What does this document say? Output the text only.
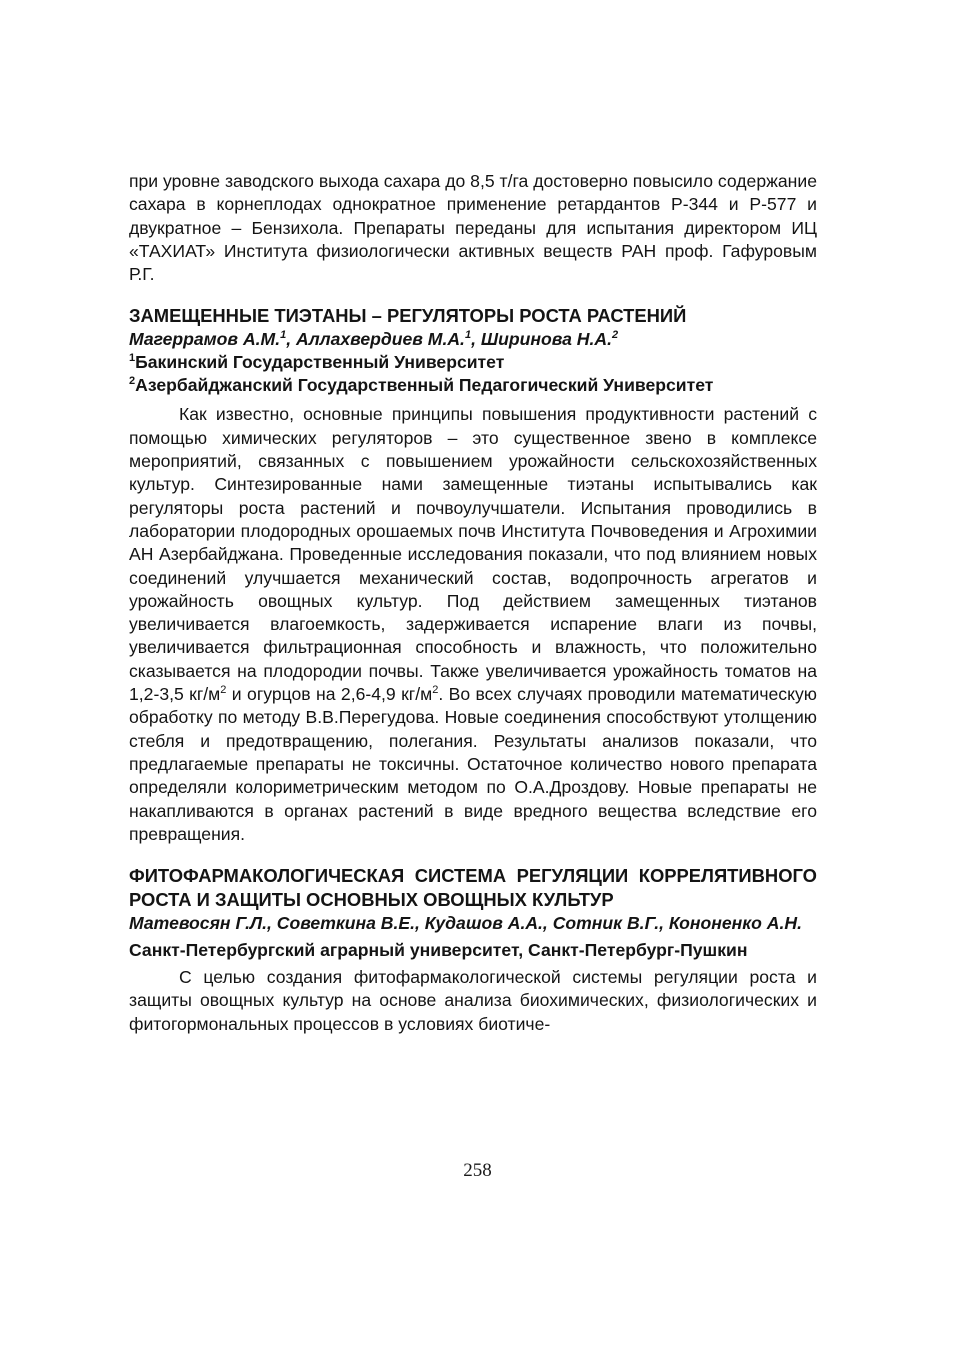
при уровне заводского выхода сахара до 8,5 т/га достоверно повысило содержание сахара в корнеплодах однократное применение ретардантов Р-344 и Р-577 и двукратное – Бензихола. Препараты переданы для испытания директором ИЦ «ТАХИАТ» Института физиологически активных веществ РАН проф. Гафуровым Р.Г.

ЗАМЕЩЕННЫЕ ТИЭТАНЫ – РЕГУЛЯТОРЫ РОСТА РАСТЕНИЙ

Магеррамов А.М.$^1$, Аллахвердиев М.А.$^1$, Ширинова Н.А.$^2$

$^1$Бакинский Государственный Университет

$^2$Азербайджанский Государственный Педагогический Университет

Как известно, основные принципы повышения продуктивности растений с помощью химических регуляторов – это существенное звено в комплексе мероприятий, связанных с повышением урожайности сельскохозяйственных культур. Синтезированные нами замещенные тиэтаны испытывались как регуляторы роста растений и почвоулучшатели. Испытания проводились в лаборатории плодородных орошаемых почв Института Почвоведения и Агрохимии АН Азербайджана. Проведенные исследования показали, что под влиянием новых соединений улучшается механический состав, водопрочность агрегатов и урожайность овощных культур. Под действием замещенных тиэтанов увеличивается влагоемкость, задерживается испарение влаги из почвы, увеличивается фильтрационная способность и влажность, что положительно сказывается на плодородии почвы. Также увеличивается урожайность томатов на 1,2-3,5 $кг/м^2$ и огурцов на 2,6-4,9 $кг/м^2$. Во всех случаях проводили математическую обработку по методу В.В.Перегудова. Новые соединения способствуют утолщению стебля и предотвращению, полегания. Результаты анализов показали, что предлагаемые препараты не токсичны. Остаточное количество нового препарата определяли колориметрическим методом по О.А.Дроздову. Новые препараты не накапливаются в органах растений в виде вредного вещества вследствие его превращения.

ФИТОФАРМАКОЛОГИЧЕСКАЯ СИСТЕМА РЕГУЛЯЦИИ КОРРЕЛЯТИВНОГО РОСТА И ЗАЩИТЫ ОСНОВНЫХ ОВОЩНЫХ КУЛЬТУР

Матевосян Г.Л., Советкина В.Е., Кудашов А.А., Сотник В.Г., Кононенко А.Н.

Санкт-Петербургский аграрный университет, Санкт-Петербург-Пушкин

С целью создания фитофармакологической системы регуляции роста и защиты овощных культур на основе анализа биохимических, физиологических и фитогормональных процессов в условиях биотиче-

258
